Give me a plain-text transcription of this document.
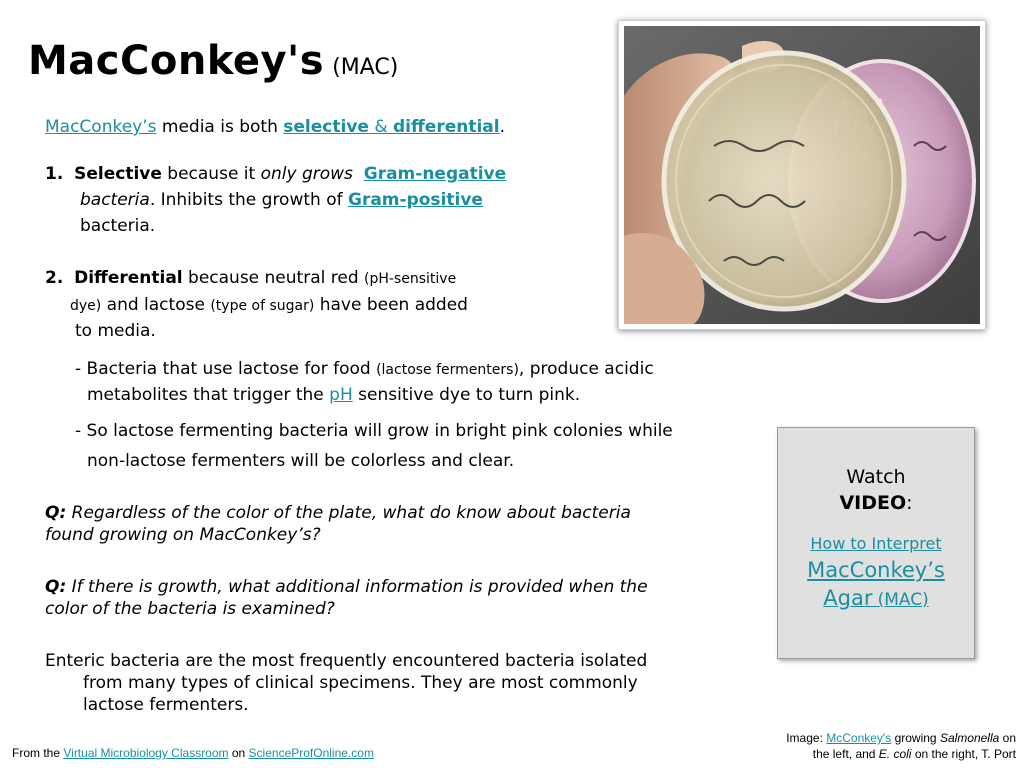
MacConkey's (MAC)
MacConkey’s media is both selective & differential.
1. Selective because it only grows Gram-negative
bacteria. Inhibits the growth of Gram-positive
bacteria.
2. Differential because neutral red (pH-sensitive
dye) and lactose (type of sugar) have been added
to media.
- Bacteria that use lactose for food (lactose fermenters), produce acidic
metabolites that trigger the pH sensitive dye to turn pink.
- So lactose fermenting bacteria will grow in bright pink colonies while
non-lactose fermenters will be colorless and clear.
Q: Regardless of the color of the plate, what do know about bacteria
found growing on MacConkey’s?
Q: If there is growth, what additional information is provided when the
color of the bacteria is examined?
Enteric bacteria are the most frequently encountered bacteria isolated
from many types of clinical specimens. They are most commonly
lactose fermenters.
Watch
VIDEO:
How to Interpret
MacConkey’s
Agar (MAC)
Image: McConkey's growing Salmonella on
the left, and E. coli on the right, T. Port
From the Virtual Microbiology Classroom on ScienceProfOnline.com
